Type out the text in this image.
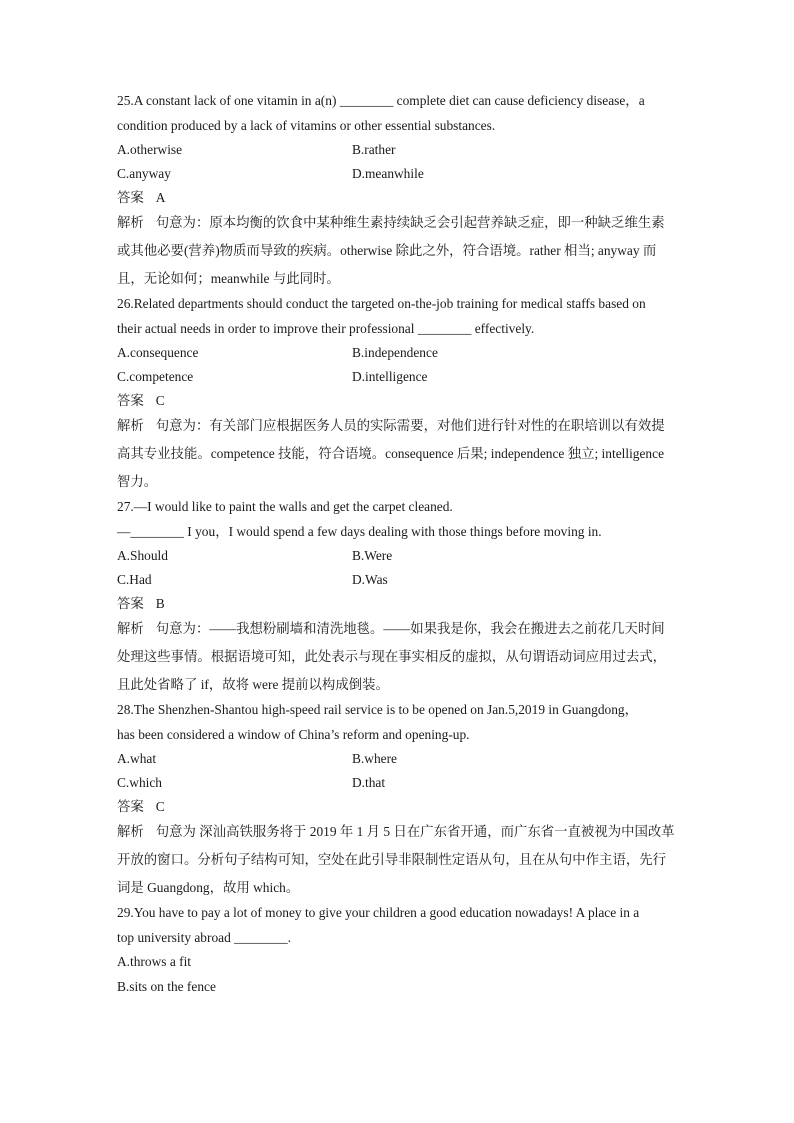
25.A constant lack of one vitamin in a(n) ________ complete diet can cause deficiency disease，a
condition produced by a lack of vitamins or other essential substances.
A.otherwise	B.rather
C.anyway	D.meanwhile
答案 A
解析 句意为：原本均衡的饮食中某种维生素持续缺乏会引起营养缺乏症，即一种缺乏维生素或其他必要(营养)物质而导致的疾病。otherwise 除此之外，符合语境。rather 相当; anyway 而且，无论如何；meanwhile 与此同时。
26.Related departments should conduct the targeted on-the-job training for medical staffs based on
their actual needs in order to improve their professional ________ effectively.
A.consequence	B.independence
C.competence	D.intelligence
答案 C
解析 句意为：有关部门应根据医务人员的实际需要，对他们进行针对性的在职培训以有效提高其专业技能。competence 技能，符合语境。consequence 后果; independence 独立; intelligence 智力。
27.—I would like to paint the walls and get the carpet cleaned.
—________ I you，I would spend a few days dealing with those things before moving in.
A.Should	B.Were
C.Had	D.Was
答案 B
解析 句意为：——我想粉刷墙和清洗地毯。——如果我是你，我会在搬进去之前花几天时间处理这些事情。根据语境可知，此处表示与现在事实相反的虚拟，从句谓语动词应用过去式，且此处省略了 if，故将 were 提前以构成倒装。
28.The Shenzhen-Shantou high-speed rail service is to be opened on Jan.5,2019 in Guangdong，
has been considered a window of China’s reform and opening-up.
A.what	B.where
C.which	D.that
答案 C
解析 句意为 深汕高铁服务将于 2019 年 1 月 5 日在广东省开通，而广东省一直被视为中国改革开放的窗口。分析句子结构可知，空处在此引导非限制性定语从句，且在从句中作主语，先行词是 Guangdong，故用 which。
29.You have to pay a lot of money to give your children a good education nowadays! A place in a
top university abroad ________.
A.throws a fit
B.sits on the fence
